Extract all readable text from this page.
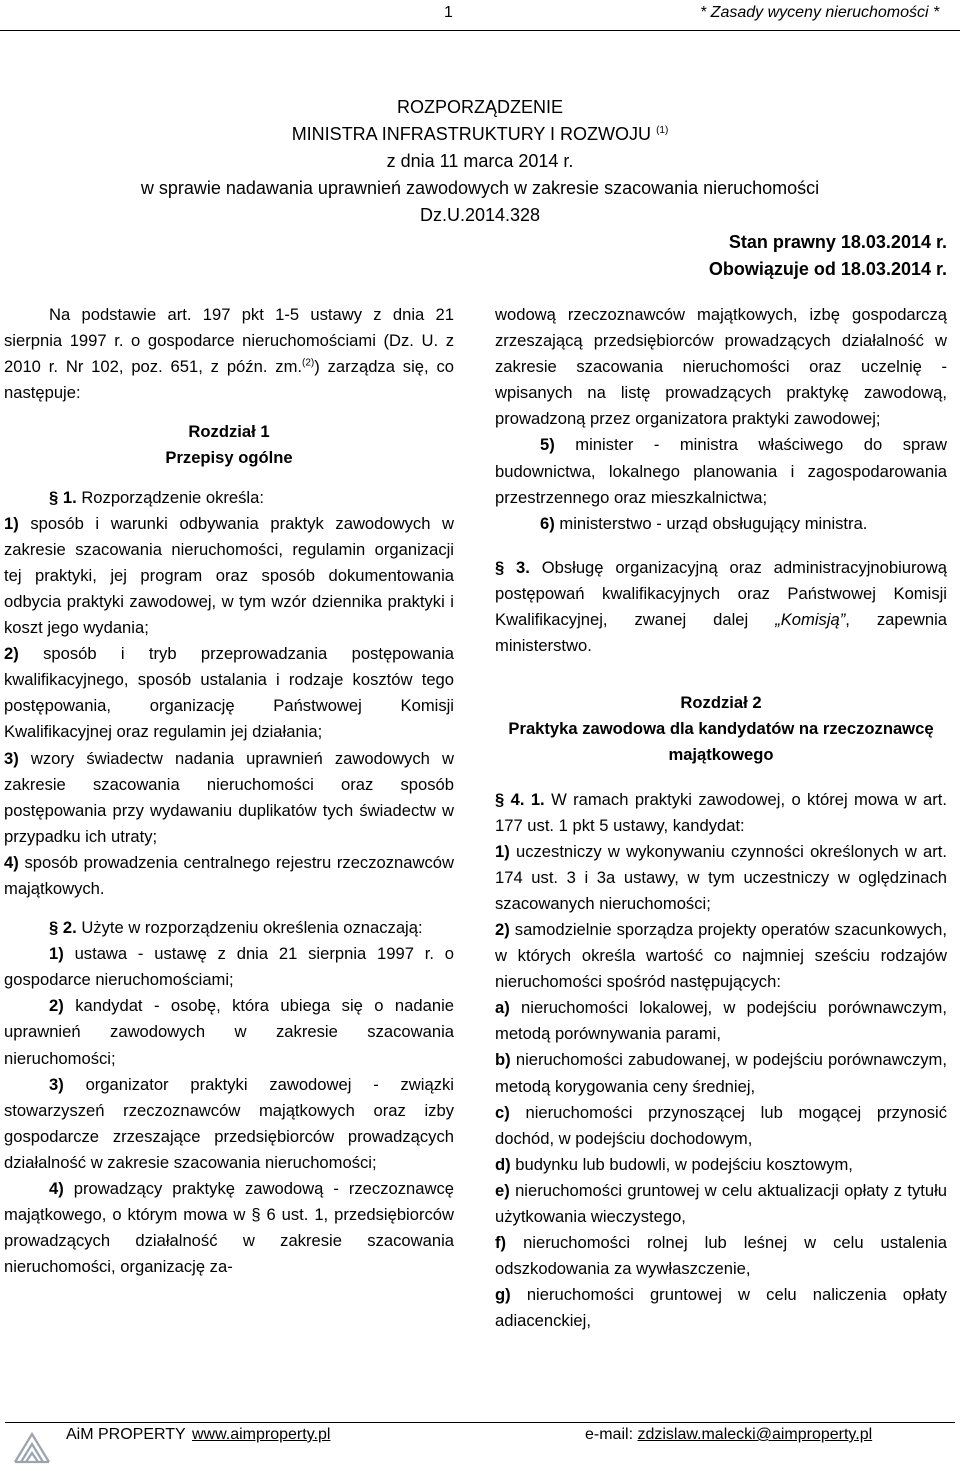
1	* Zasady wyceny nieruchomości *
ROZPORZĄDZENIE
MINISTRA INFRASTRUKTURY I ROZWOJU $^{(1)}$
z dnia 11 marca 2014 r.
w sprawie nadawania uprawnień zawodowych w zakresie szacowania nieruchomości
Dz.U.2014.328
Stan prawny 18.03.2014 r.
Obowiązuje od 18.03.2014 r.

Na podstawie art. 197 pkt 1-5 ustawy z dnia 21 sierpnia 1997 r. o gospodarce nieruchomościami (Dz. U. z 2010 r. Nr 102, poz. 651, z późn. zm.$^{(2)}$) zarządza się, co następuje:

Rozdział 1

Przepisy ogólne

§ 1. Rozporządzenie określa:

1) sposób i warunki odbywania praktyk zawodowych w zakresie szacowania nieruchomości, regulamin organizacji tej praktyki, jej program oraz sposób dokumentowania odbycia praktyki zawodowej, w tym wzór dziennika praktyki i koszt jego wydania;

2) sposób i tryb przeprowadzania postępowania kwalifikacyjnego, sposób ustalania i rodzaje kosztów tego postępowania, organizację Państwowej Komisji Kwalifikacyjnej oraz regulamin jej działania;

3) wzory świadectw nadania uprawnień zawodowych w zakresie szacowania nieruchomości oraz sposób postępowania przy wydawaniu duplikatów tych świadectw w przypadku ich utraty;

4) sposób prowadzenia centralnego rejestru rzeczoznawców majątkowych.

§ 2. Użyte w rozporządzeniu określenia oznaczają:

1) ustawa - ustawę z dnia 21 sierpnia 1997 r. o gospodarce nieruchomościami;

2) kandydat - osobę, która ubiega się o nadanie uprawnień zawodowych w zakresie szacowania nieruchomości;

3) organizator praktyki zawodowej - związki stowarzyszeń rzeczoznawców majątkowych oraz izby gospodarcze zrzeszające przedsiębiorców prowadzących działalność w zakresie szacowania nieruchomości;

4) prowadzący praktykę zawodową - rzeczoznawcę majątkowego, o którym mowa w § 6 ust. 1, przedsiębiorców prowadzących działalność w zakresie szacowania nieruchomości, organizację za-

wodową rzeczoznawców majątkowych, izbę gospodarczą zrzeszającą przedsiębiorców prowadzących działalność w zakresie szacowania nieruchomości oraz uczelnię - wpisanych na listę prowadzących praktykę zawodową, prowadzoną przez organizatora praktyki zawodowej;

5) minister - ministra właściwego do spraw budownictwa, lokalnego planowania i zagospodarowania przestrzennego oraz mieszkalnictwa;

6) ministerstwo - urząd obsługujący ministra.

§ 3. Obsługę organizacyjną oraz administracyjnobiurową postępowań kwalifikacyjnych oraz Państwowej Komisji Kwalifikacyjnej, zwanej dalej „Komisją”, zapewnia ministerstwo.

Rozdział 2

Praktyka zawodowa dla kandydatów na rzeczoznawcę majątkowego

§ 4. 1. W ramach praktyki zawodowej, o której mowa w art. 177 ust. 1 pkt 5 ustawy, kandydat:

1) uczestniczy w wykonywaniu czynności określonych w art. 174 ust. 3 i 3a ustawy, w tym uczestniczy w oględzinach szacowanych nieruchomości;

2) samodzielnie sporządza projekty operatów szacunkowych, w których określa wartość co najmniej sześciu rodzajów nieruchomości spośród następujących:

a) nieruchomości lokalowej, w podejściu porównawczym, metodą porównywania parami,

b) nieruchomości zabudowanej, w podejściu porównawczym, metodą korygowania ceny średniej,

c) nieruchomości przynoszącej lub mogącej przynosić dochód, w podejściu dochodowym,

d) budynku lub budowli, w podejściu kosztowym,

e) nieruchomości gruntowej w celu aktualizacji opłaty z tytułu użytkowania wieczystego,

f) nieruchomości rolnej lub leśnej w celu ustalenia odszkodowania za wywłaszczenie,

g) nieruchomości gruntowej w celu naliczenia opłaty adiacenckiej,

AiM PROPERTY www.aimproperty.pl	e-mail: zdzislaw.malecki@aimproperty.pl
